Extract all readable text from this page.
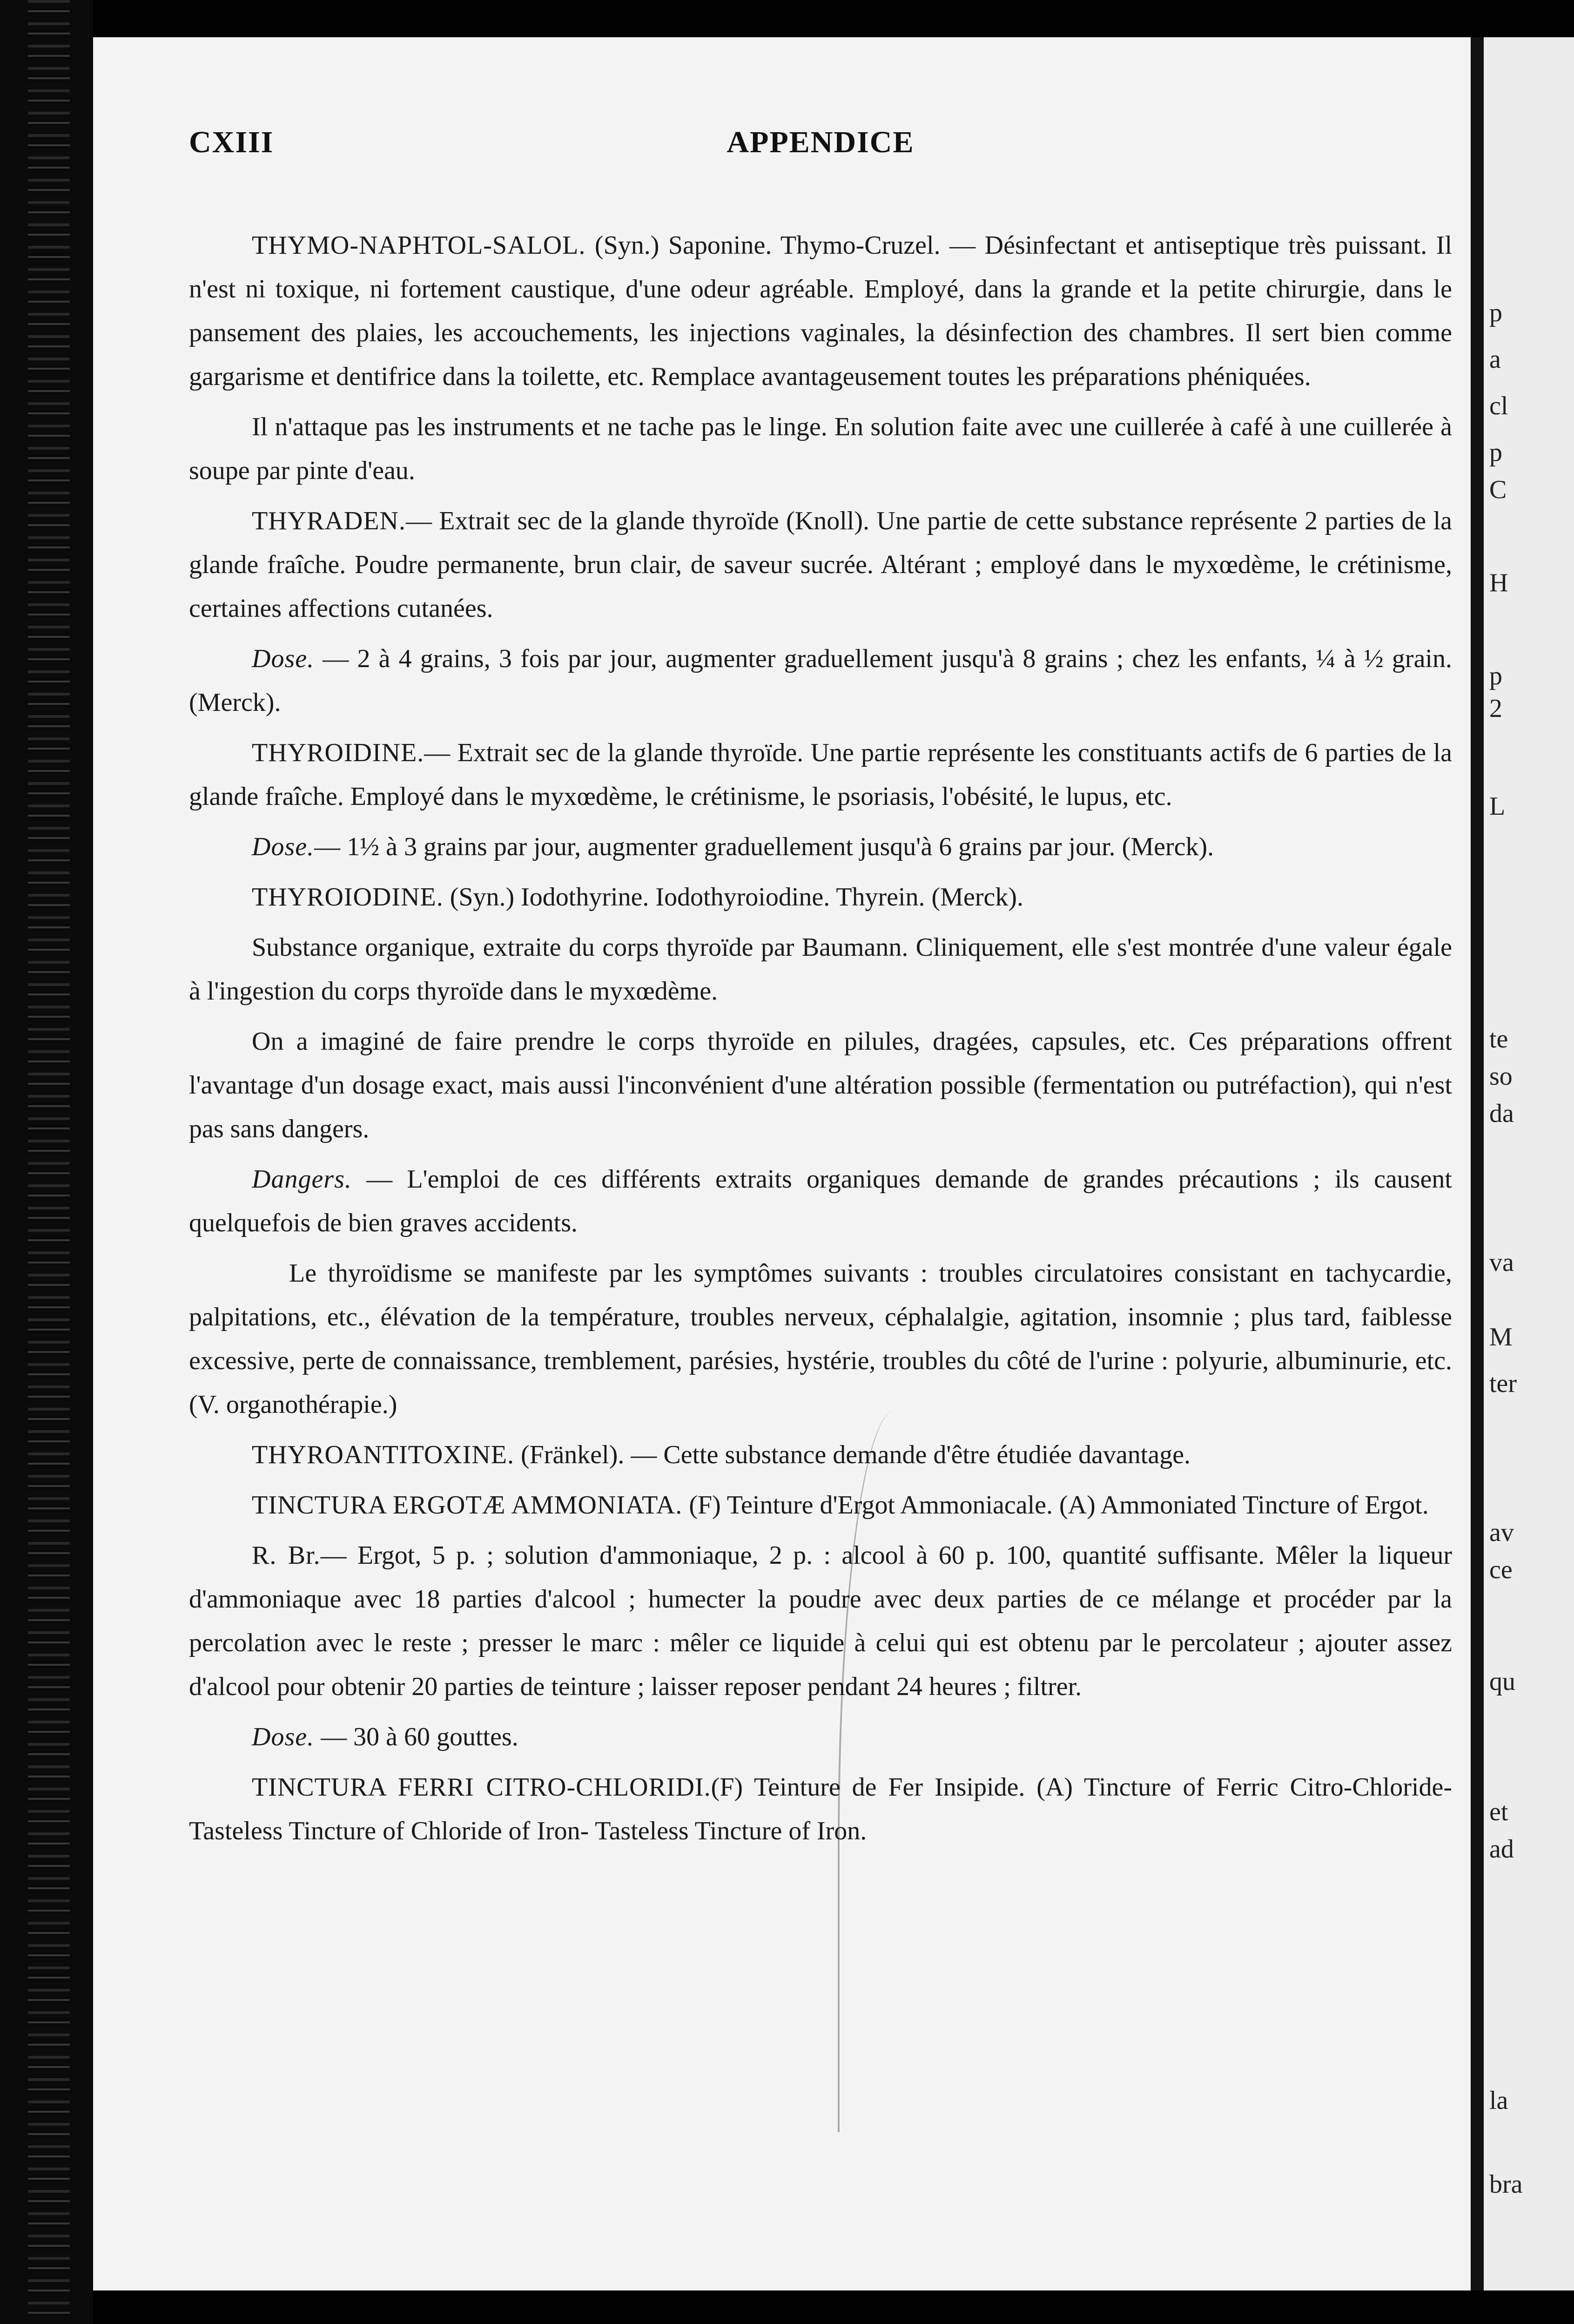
CXIII	APPENDICE

THYMO-NAPHTOL-SALOL. (Syn.) Saponine. Thymo-Cruzel. — Désinfectant et antiseptique très puissant. Il n'est ni toxique, ni fortement caustique, d'une odeur agréable. Employé, dans la grande et la petite chirurgie, dans le pansement des plaies, les accouchements, les injections vaginales, la désinfection des chambres. Il sert bien comme gargarisme et dentifrice dans la toilette, etc. Remplace avantageusement toutes les préparations phéniquées.

Il n'attaque pas les instruments et ne tache pas le linge. En solution faite avec une cuillerée à café à une cuillerée à soupe par pinte d'eau.

THYRADEN.— Extrait sec de la glande thyroïde (Knoll). Une partie de cette substance représente 2 parties de la glande fraîche. Poudre permanente, brun clair, de saveur sucrée. Altérant ; employé dans le myxœdème, le crétinisme, certaines affections cutanées.

Dose. — 2 à 4 grains, 3 fois par jour, augmenter graduellement jusqu'à 8 grains ; chez les enfants, ¼ à ½ grain. (Merck).

THYROIDINE.— Extrait sec de la glande thyroïde. Une partie représente les constituants actifs de 6 parties de la glande fraîche. Employé dans le myxœdème, le crétinisme, le psoriasis, l'obésité, le lupus, etc.

Dose.— 1½ à 3 grains par jour, augmenter graduellement jusqu'à 6 grains par jour. (Merck).

THYROIODINE. (Syn.) Iodothyrine. Iodothyroiodine. Thyrein. (Merck).

Substance organique, extraite du corps thyroïde par Baumann. Cliniquement, elle s'est montrée d'une valeur égale à l'ingestion du corps thyroïde dans le myxœdème.

On a imaginé de faire prendre le corps thyroïde en pilules, dragées, capsules, etc. Ces préparations offrent l'avantage d'un dosage exact, mais aussi l'inconvénient d'une altération possible (fermentation ou putréfaction), qui n'est pas sans dangers.

Dangers. — L'emploi de ces différents extraits organiques demande de grandes précautions ; ils causent quelquefois de bien graves accidents.

Le thyroïdisme se manifeste par les symptômes suivants : troubles circulatoires consistant en tachycardie, palpitations, etc., élévation de la température, troubles nerveux, céphalalgie, agitation, insomnie ; plus tard, faiblesse excessive, perte de connaissance, tremblement, parésies, hystérie, troubles du côté de l'urine : polyurie, albuminurie, etc. (V. organothérapie.)

THYROANTITOXINE. (Fränkel). — Cette substance demande d'être étudiée davantage.

TINCTURA ERGOTÆ AMMONIATA. (F) Teinture d'Ergot Ammoniacale. (A) Ammoniated Tincture of Ergot.

R. Br.— Ergot, 5 p. ; solution d'ammoniaque, 2 p. : alcool à 60 p. 100, quantité suffisante. Mêler la liqueur d'ammoniaque avec 18 parties d'alcool ; humecter la poudre avec deux parties de ce mélange et procéder par la percolation avec le reste ; presser le marc : mêler ce liquide à celui qui est obtenu par le percolateur ; ajouter assez d'alcool pour obtenir 20 parties de teinture ; laisser reposer pendant 24 heures ; filtrer.

Dose. — 30 à 60 gouttes.

TINCTURA FERRI CITRO-CHLORIDI.(F) Teinture de Fer Insipide. (A) Tincture of Ferric Citro-Chloride- Tasteless Tincture of Chloride of Iron- Tasteless Tincture of Iron.

p
a
cl
p
C
H
p
2
L
te
so
da
va
M
ter
av
ce
qu
et
ad
la
bra
